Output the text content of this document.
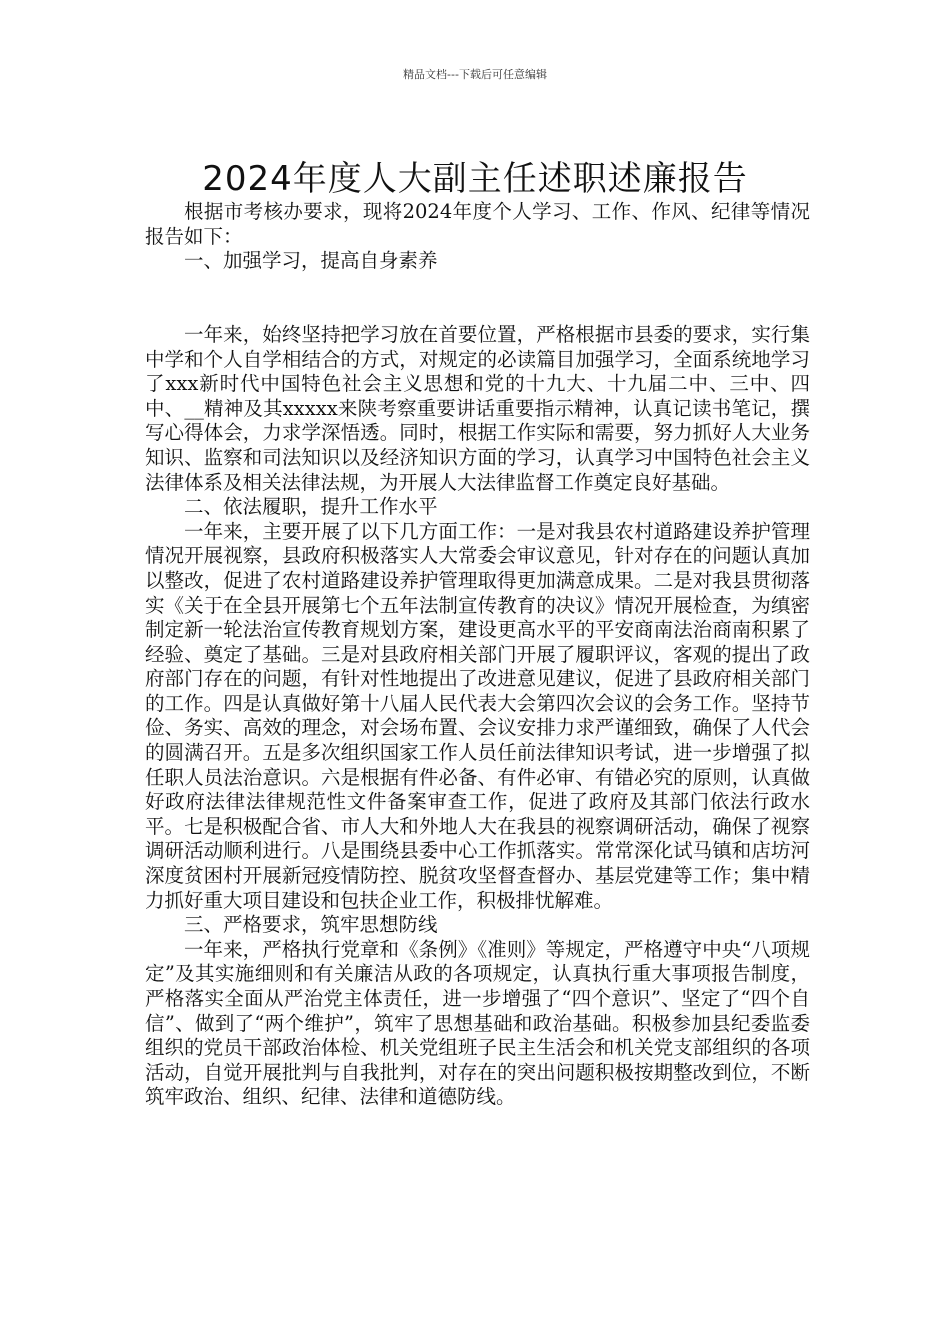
精品文档---下载后可任意编辑
2024年度人大副主任述职述廉报告

根据市考核办要求，现将2024年度个人学习、工作、作风、纪律等情况报告如下：

一、加强学习，提高自身素养

一年来，始终坚持把学习放在首要位置，严格根据市县委的要求，实行集中学和个人自学相结合的方式，对规定的必读篇目加强学习，全面系统地学习了xxx新时代中国特色社会主义思想和党的十九大、十九届二中、三中、四中、__精神及其xxxxx来陕考察重要讲话重要指示精神，认真记读书笔记，撰写心得体会，力求学深悟透。同时，根据工作实际和需要，努力抓好人大业务知识、监察和司法知识以及经济知识方面的学习，认真学习中国特色社会主义法律体系及相关法律法规，为开展人大法律监督工作奠定良好基础。

二、依法履职，提升工作水平

一年来，主要开展了以下几方面工作：一是对我县农村道路建设养护管理情况开展视察，县政府积极落实人大常委会审议意见，针对存在的问题认真加以整改，促进了农村道路建设养护管理取得更加满意成果。二是对我县贯彻落实《关于在全县开展第七个五年法制宣传教育的决议》情况开展检查，为缜密制定新一轮法治宣传教育规划方案，建设更高水平的平安商南法治商南积累了经验、奠定了基础。三是对县政府相关部门开展了履职评议，客观的提出了政府部门存在的问题，有针对性地提出了改进意见建议，促进了县政府相关部门的工作。四是认真做好第十八届人民代表大会第四次会议的会务工作。坚持节俭、务实、高效的理念，对会场布置、会议安排力求严谨细致，确保了人代会的圆满召开。五是多次组织国家工作人员任前法律知识考试，进一步增强了拟任职人员法治意识。六是根据有件必备、有件必审、有错必究的原则，认真做好政府法律法律规范性文件备案审查工作，促进了政府及其部门依法行政水平。七是积极配合省、市人大和外地人大在我县的视察调研活动，确保了视察调研活动顺利进行。八是围绕县委中心工作抓落实。常常深化试马镇和店坊河深度贫困村开展新冠疫情防控、脱贫攻坚督查督办、基层党建等工作；集中精力抓好重大项目建设和包扶企业工作，积极排忧解难。

三、严格要求，筑牢思想防线

一年来，严格执行党章和《条例》《准则》等规定，严格遵守中央“八项规定”及其实施细则和有关廉洁从政的各项规定，认真执行重大事项报告制度，严格落实全面从严治党主体责任，进一步增强了“四个意识”、坚定了“四个自信”、做到了“两个维护”，筑牢了思想基础和政治基础。积极参加县纪委监委组织的党员干部政治体检、机关党组班子民主生活会和机关党支部组织的各项活动，自觉开展批判与自我批判，对存在的突出问题积极按期整改到位，不断筑牢政治、组织、纪律、法律和道德防线。
